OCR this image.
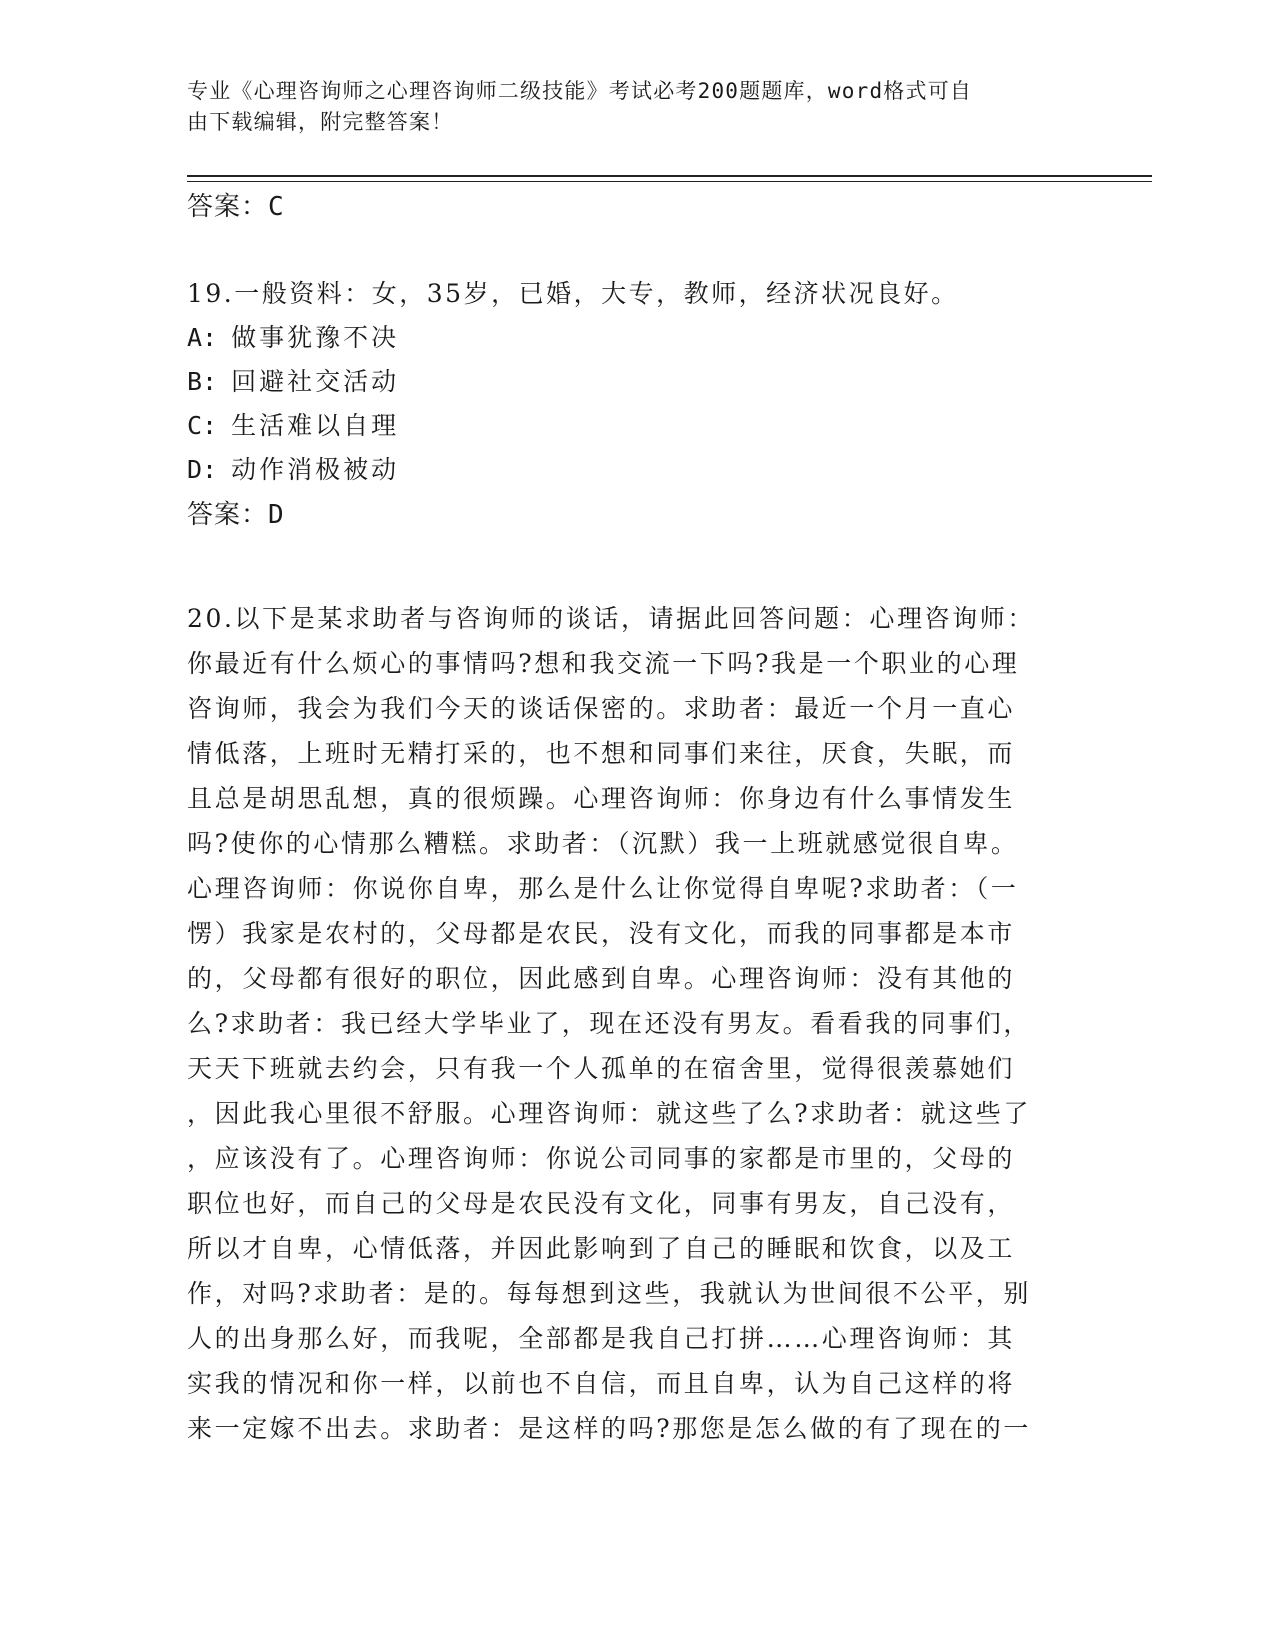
专业《心理咨询师之心理咨询师二级技能》考试必考200题题库，word格式可自
由下载编辑，附完整答案！
答案：C
19.一般资料：女，35岁，已婚，大专，教师，经济状况良好。
A: 做事犹豫不决
B: 回避社交活动
C: 生活难以自理
D: 动作消极被动
答案：D
20.以下是某求助者与咨询师的谈话，请据此回答问题：心理咨询师：
你最近有什么烦心的事情吗?想和我交流一下吗?我是一个职业的心理
咨询师，我会为我们今天的谈话保密的。求助者：最近一个月一直心
情低落，上班时无精打采的，也不想和同事们来往，厌食，失眠，而
且总是胡思乱想，真的很烦躁。心理咨询师：你身边有什么事情发生
吗?使你的心情那么糟糕。求助者：（沉默）我一上班就感觉很自卑。
心理咨询师：你说你自卑，那么是什么让你觉得自卑呢?求助者：（一
愣）我家是农村的，父母都是农民，没有文化，而我的同事都是本市
的，父母都有很好的职位，因此感到自卑。心理咨询师：没有其他的
么?求助者：我已经大学毕业了，现在还没有男友。看看我的同事们，
天天下班就去约会，只有我一个人孤单的在宿舍里，觉得很羡慕她们
，因此我心里很不舒服。心理咨询师：就这些了么?求助者：就这些了
，应该没有了。心理咨询师：你说公司同事的家都是市里的，父母的
职位也好，而自己的父母是农民没有文化，同事有男友，自己没有，
所以才自卑，心情低落，并因此影响到了自己的睡眠和饮食，以及工
作，对吗?求助者：是的。每每想到这些，我就认为世间很不公平，别
人的出身那么好，而我呢，全部都是我自己打拼……心理咨询师：其
实我的情况和你一样，以前也不自信，而且自卑，认为自己这样的将
来一定嫁不出去。求助者：是这样的吗?那您是怎么做的有了现在的一
